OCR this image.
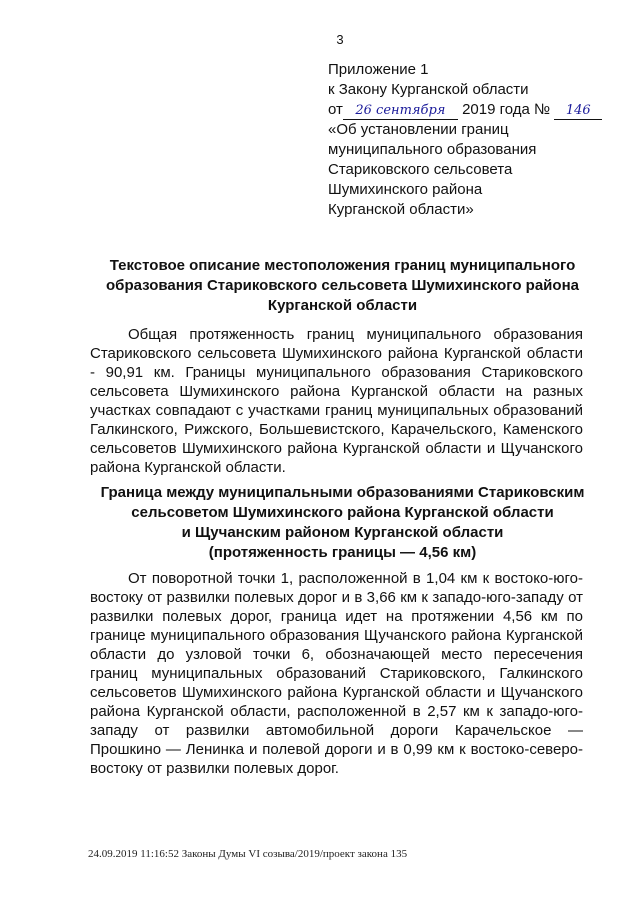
3
Приложение 1
к Закону Курганской области
от 26 сентября 2019 года № 146
«Об установлении границ
муниципального образования
Стариковского сельсовета
Шумихинского района
Курганской области»
Текстовое описание местоположения границ муниципального образования Стариковского сельсовета Шумихинского района Курганской области

Общая протяженность границ муниципального образования Стариковского сельсовета Шумихинского района Курганской области - 90,91 км. Границы муниципального образования Стариковского сельсовета Шумихинского района Курганской области на разных участках совпадают с участками границ муниципальных образований Галкинского, Рижского, Большевистского, Карачельского, Каменского сельсоветов Шумихинского района Курганской области и Щучанского района Курганской области.

Граница между муниципальными образованиями Стариковским
сельсоветом Шумихинского района Курганской области
и Щучанским районом Курганской области
(протяженность границы — 4,56 км)

От поворотной точки 1, расположенной в 1,04 км к востоко-юго-востоку от развилки полевых дорог и в 3,66 км к западо-юго-западу от развилки полевых дорог, граница идет на протяжении 4,56 км по границе муниципального образования Щучанского района Курганской области до узловой точки 6, обозначающей место пересечения границ муниципальных образований Стариковского, Галкинского сельсоветов Шумихинского района Курганской области и Щучанского района Курганской области, расположенной в 2,57 км к западо-юго-западу от развилки автомобильной дороги Карачельское — Прошкино — Ленинка и полевой дороги и в 0,99 км к востоко-северо-востоку от развилки полевых дорог.

24.09.2019 11:16:52 Законы Думы VI созыва/2019/проект закона 135
